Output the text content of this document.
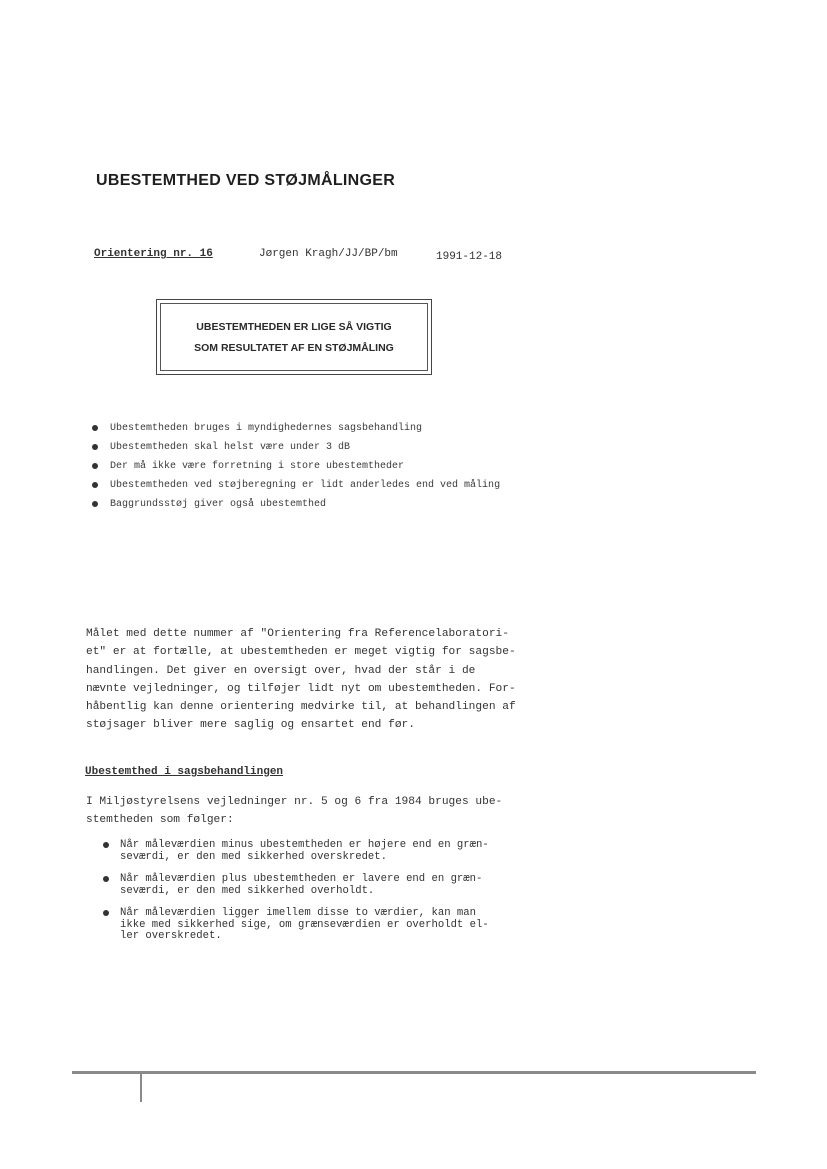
UBESTEMTHED VED STØJMÅLINGER
Orientering nr. 16	Jørgen Kragh/JJ/BP/bm	1991-12-18
UBESTEMTHEDEN ER LIGE SÅ VIGTIG
SOM RESULTATET AF EN STØJMÅLING
Ubestemtheden bruges i myndighedernes sagsbehandling
Ubestemtheden skal helst være under 3 dB
Der må ikke være forretning i store ubestemtheder
Ubestemtheden ved støjberegning er lidt anderledes end ved måling
Baggrundsstøj giver også ubestemthed
Målet med dette nummer af "Orientering fra Referencelaboratori-
et" er at fortælle, at ubestemtheden er meget vigtig for sagsbe-
handlingen. Det giver en oversigt over, hvad der står i de
nævnte vejledninger, og tilføjer lidt nyt om ubestemtheden. For-
håbentlig kan denne orientering medvirke til, at behandlingen af
støjsager bliver mere saglig og ensartet end før.
Ubestemthed i sagsbehandlingen
I Miljøstyrelsens vejledninger nr. 5 og 6 fra 1984 bruges ube-
stemtheden som følger:
Når måleværdien minus ubestemtheden er højere end en græn-
seværdi, er den med sikkerhed overskredet.
Når måleværdien plus ubestemtheden er lavere end en græn-
seværdi, er den med sikkerhed overholdt.
Når måleværdien ligger imellem disse to værdier, kan man
ikke med sikkerhed sige, om grænseværdien er overholdt el-
ler overskredet.
